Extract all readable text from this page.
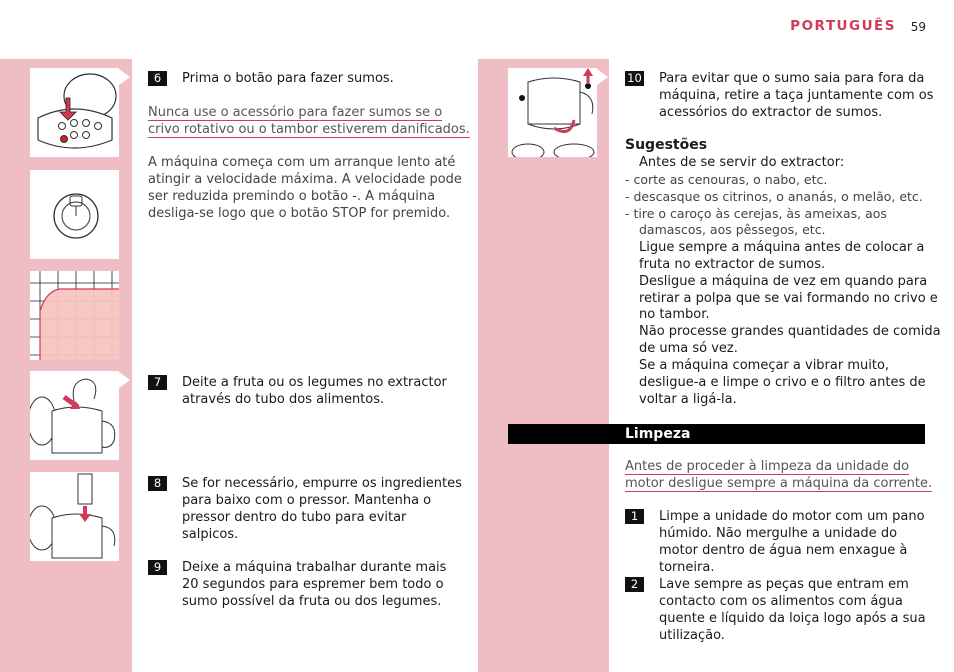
PORTUGUÊS 59
6	Prima o botão para fazer sumos.
Nunca use o acessório para fazer sumos se o
crivo rotativo ou o tambor estiverem danificados.
A máquina começa com um arranque lento até
atingir a velocidade máxima. A velocidade pode
ser reduzida premindo o botão -. A máquina
desliga-se logo que o botão STOP for premido.
7	Deite a fruta ou os legumes no extractor
através do tubo dos alimentos.
8	Se for necessário, empurre os ingredientes
para baixo com o pressor. Mantenha o
pressor dentro do tubo para evitar
salpicos.
9	Deixe a máquina trabalhar durante mais
20 segundos para espremer bem todo o
sumo possível da fruta ou dos legumes.
10 Para evitar que o sumo saia para fora da
máquina, retire a taça juntamente com os
acessórios do extractor de sumos.
Sugestões
Antes de se servir do extractor:
- corte as cenouras, o nabo, etc.
- descasque os citrinos, o ananás, o melão, etc.
- tire o caroço às cerejas, às ameixas, aos
damascos, aos pêssegos, etc.
Ligue sempre a máquina antes de colocar a
fruta no extractor de sumos.
Desligue a máquina de vez em quando para
retirar a polpa que se vai formando no crivo e
no tambor.
Não processe grandes quantidades de comida
de uma só vez.
Se a máquina começar a vibrar muito,
desligue-a e limpe o crivo e o filtro antes de
voltar a ligá-la.
Limpeza
Antes de proceder à limpeza da unidade do
motor desligue sempre a máquina da corrente.
1	Limpe a unidade do motor com um pano
húmido. Não mergulhe a unidade do
motor dentro de água nem enxague à
torneira.
2	Lave sempre as peças que entram em
contacto com os alimentos com água
quente e líquido da loiça logo após a sua
utilização.
